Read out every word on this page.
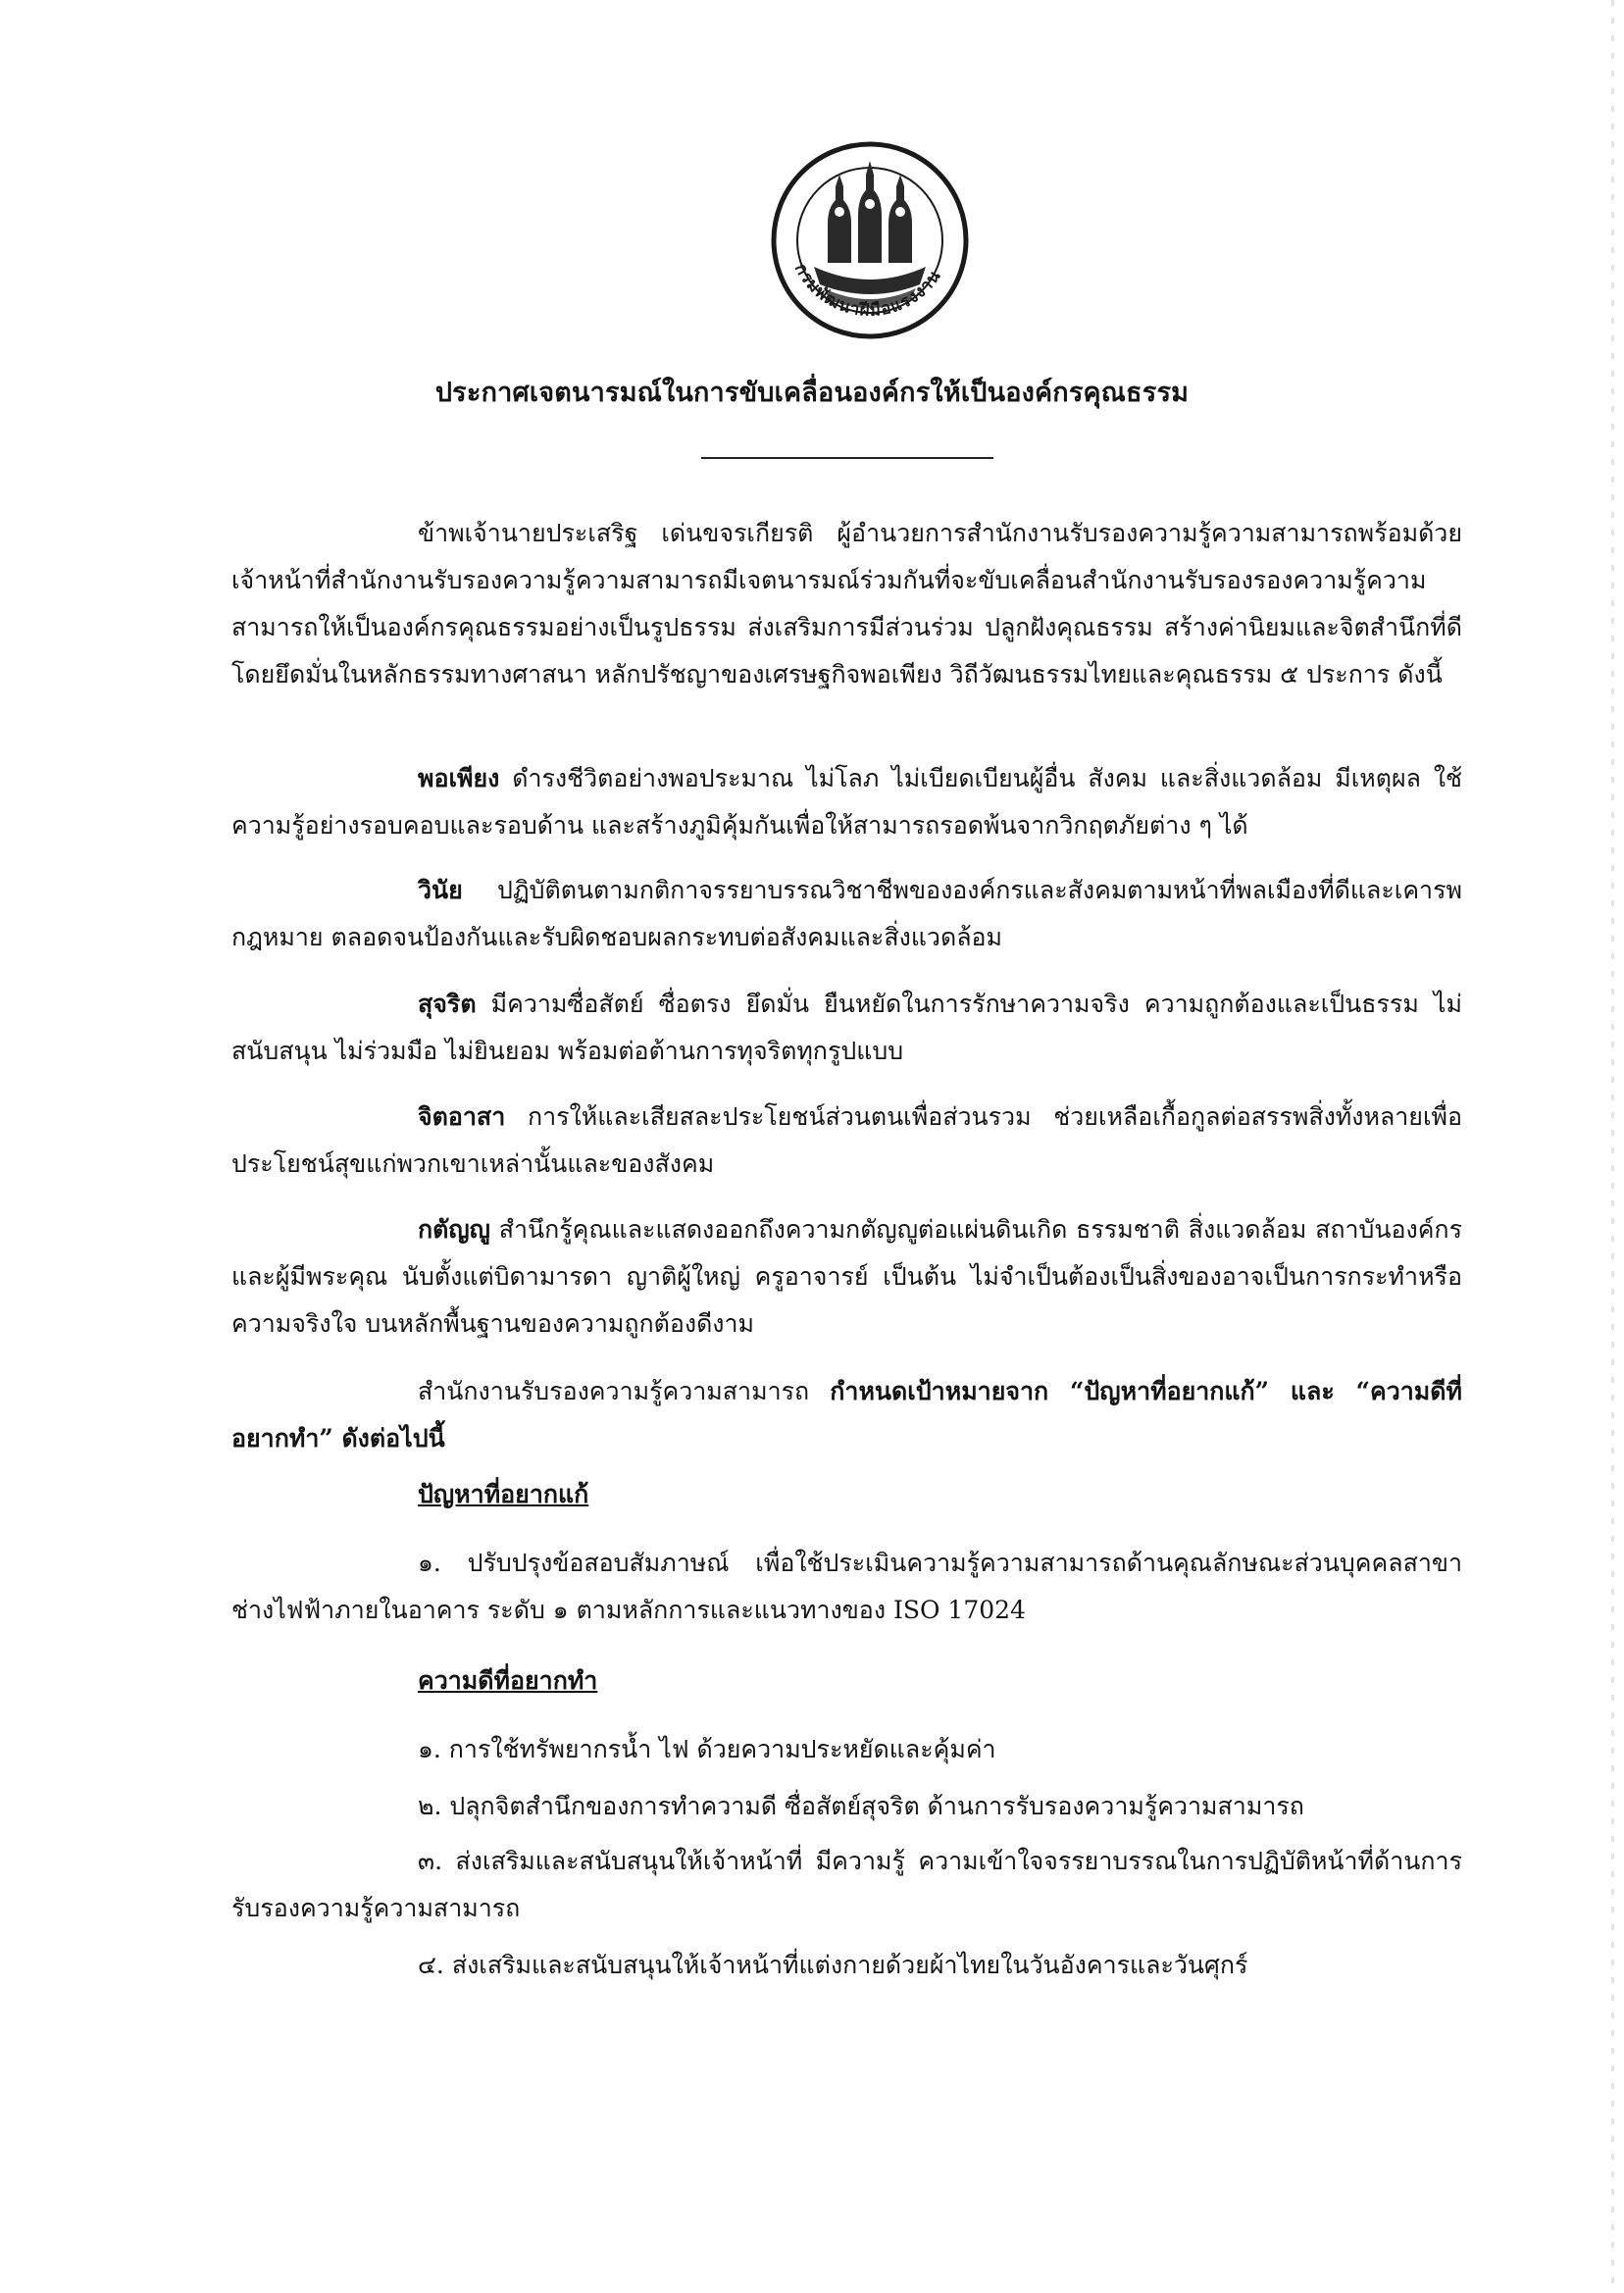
กรมพัฒนาฝีมือแรงงาน
ประกาศเจตนารมณ์ในการขับเคลื่อนองค์กรให้เป็นองค์กรคุณธรรม

ข้าพเจ้านายประเสริฐ เด่นขจรเกียรติ ผู้อำนวยการสำนักงานรับรองความรู้ความสามารถพร้อมด้วยเจ้าหน้าที่สำนักงานรับรองความรู้ความสามารถมีเจตนารมณ์ร่วมกันที่จะขับเคลื่อนสำนักงานรับรองรองความรู้ความสามารถให้เป็นองค์กรคุณธรรมอย่างเป็นรูปธรรม ส่งเสริมการมีส่วนร่วม ปลูกฝังคุณธรรม สร้างค่านิยมและจิตสำนึกที่ดี โดยยึดมั่นในหลักธรรมทางศาสนา หลักปรัชญาของเศรษฐกิจพอเพียง วิถีวัฒนธรรมไทยและคุณธรรม ๕ ประการ ดังนี้

พอเพียง ดำรงชีวิตอย่างพอประมาณ ไม่โลภ ไม่เบียดเบียนผู้อื่น สังคม และสิ่งแวดล้อม มีเหตุผล ใช้ความรู้อย่างรอบคอบและรอบด้าน และสร้างภูมิคุ้มกันเพื่อให้สามารถรอดพ้นจากวิกฤตภัยต่าง ๆ ได้

วินัย ปฏิบัติตนตามกติกาจรรยาบรรณวิชาชีพขององค์กรและสังคมตามหน้าที่พลเมืองที่ดีและเคารพกฎหมาย ตลอดจนป้องกันและรับผิดชอบผลกระทบต่อสังคมและสิ่งแวดล้อม

สุจริต มีความซื่อสัตย์ ซื่อตรง ยึดมั่น ยืนหยัดในการรักษาความจริง ความถูกต้องและเป็นธรรม ไม่สนับสนุน ไม่ร่วมมือ ไม่ยินยอม พร้อมต่อต้านการทุจริตทุกรูปแบบ

จิตอาสา การให้และเสียสละประโยชน์ส่วนตนเพื่อส่วนรวม ช่วยเหลือเกื้อกูลต่อสรรพสิ่งทั้งหลายเพื่อประโยชน์สุขแก่พวกเขาเหล่านั้นและของสังคม

กตัญญู สำนึกรู้คุณและแสดงออกถึงความกตัญญูต่อแผ่นดินเกิด ธรรมชาติ สิ่งแวดล้อม สถาบันองค์กร และผู้มีพระคุณ นับตั้งแต่บิดามารดา ญาติผู้ใหญ่ ครูอาจารย์ เป็นต้น ไม่จำเป็นต้องเป็นสิ่งของอาจเป็นการกระทำหรือความจริงใจ บนหลักพื้นฐานของความถูกต้องดีงาม

สำนักงานรับรองความรู้ความสามารถ กำหนดเป้าหมายจาก “ปัญหาที่อยากแก้” และ “ความดีที่อยากทำ” ดังต่อไปนี้

ปัญหาที่อยากแก้

๑. ปรับปรุงข้อสอบสัมภาษณ์ เพื่อใช้ประเมินความรู้ความสามารถด้านคุณลักษณะส่วนบุคคลสาขาช่างไฟฟ้าภายในอาคาร ระดับ ๑ ตามหลักการและแนวทางของ ISO 17024

ความดีที่อยากทำ

๑. การใช้ทรัพยากรน้ำ ไฟ ด้วยความประหยัดและคุ้มค่า

๒. ปลุกจิตสำนึกของการทำความดี ซื่อสัตย์สุจริต ด้านการรับรองความรู้ความสามารถ

๓. ส่งเสริมและสนับสนุนให้เจ้าหน้าที่ มีความรู้ ความเข้าใจจรรยาบรรณในการปฏิบัติหน้าที่ด้านการรับรองความรู้ความสามารถ

๔. ส่งเสริมและสนับสนุนให้เจ้าหน้าที่แต่งกายด้วยผ้าไทยในวันอังคารและวันศุกร์
